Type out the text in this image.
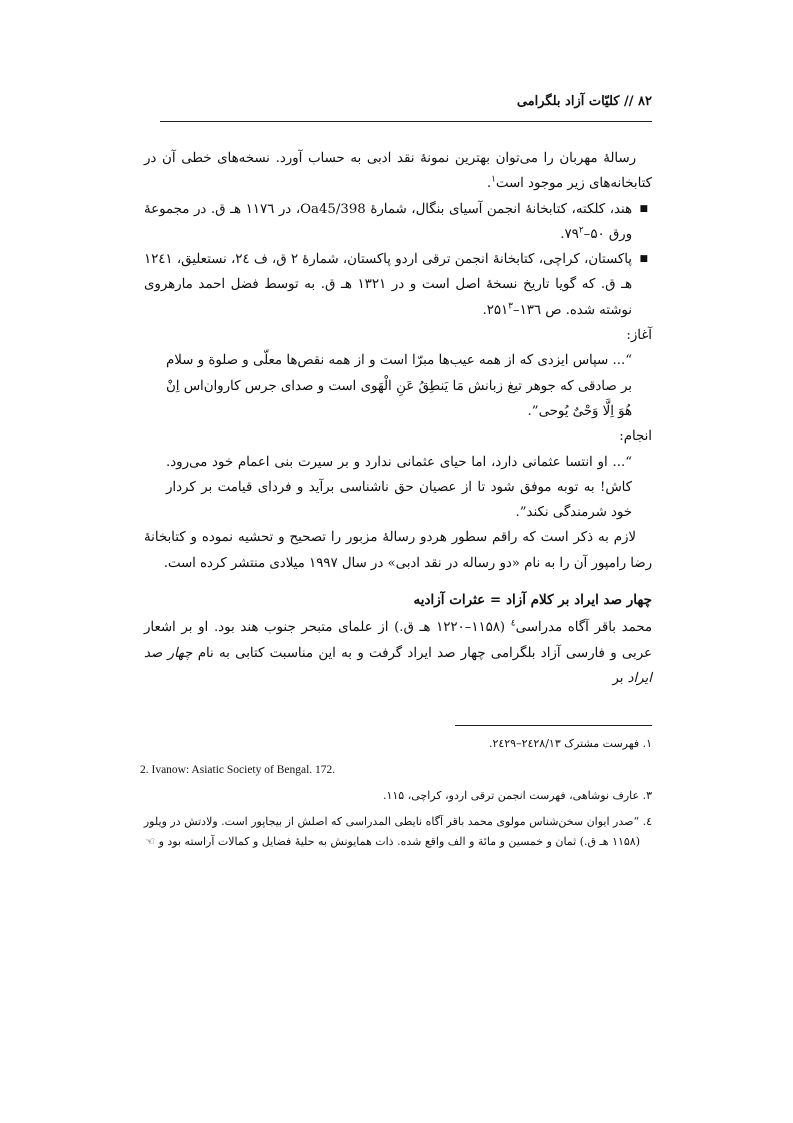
۸۲ // کلیّات آزاد بلگرامی

رسالهٔ مهربان را می‌توان بهترین نمونهٔ نقد ادبی به حساب آورد. نسخه‌های خطی آن در کتابخانه‌های زیر موجود است$^۱$.

■
هند، کلکته، کتابخانهٔ انجمن آسیای بنگال، شمارهٔ 398/Oa45، در ۱۱۷٦ هـ ق. در مجموعهٔ ورق $۵۰-۷۹^۲$.
■
پاکستان، کراچی، کتابخانهٔ انجمن ترقی اردو پاکستان، شمارهٔ ۲ ق، ف ۲٤، نستعلیق، ۱۲٤۱ هـ ق. که گویا تاریخ نسخهٔ اصل است و در ۱۳۲۱ هـ ق. به توسط فضل احمد مارهروی نوشته شده. ص $۱۳٦-۲۵۱^۳$.

آغاز:

“... سپاس ایزدی که از همه عیب‌ها مبرّا است و از همه نقص‌ها معلّی و صلوة و سلام بر صادقی که جوهر تیغ زبانش مَا یَنطِقُ عَنِ الْهَوی است و صدای جرس کاروان‌اس اِنْ هُوَ اِلَّا وَحْیٌ یُوحی”.

انجام:

“... او انتسا عثمانی دارد، اما حیای عثمانی ندارد و بر سیرت بنی اعمام خود می‌رود. کاش! به توبه موفق شود تا از عصیان حق ناشناسی برآید و فردای قیامت بر کردار خود شرمندگی نکند”.

لازم به ذکر است که راقم سطور هردو رسالهٔ مزبور را تصحیح و تحشیه نموده و کتابخانهٔ رضا رامپور آن را به نام «دو رساله در نقد ادبی» در سال ۱۹۹۷ میلادی منتشر کرده است.

چهار صد ایراد بر کلام آزاد = عثرات آزادیه

محمد باقر آگاه مدراسی$^٤$ (۱۱۵۸–۱۲۲۰ هـ ق.) از علمای متبحر جنوب هند بود. او بر اشعار عربی و فارسی آزاد بلگرامی چهار صد ایراد گرفت و به این مناسبت کتابی به نام چهار صد ایراد بر

۱. فهرست مشترک ۲٤۲۸/۱۳–۲٤۲۹.

2. Ivanow: Asiatic Society of Bengal. 172.

۳. عارف نوشاهی، فهرست انجمن ترقی اردو، کراچی، ۱۱۵.

٤. “صدر ایوان سخن‌شناس مولوی محمد باقر آگاه نایطی المدراسی که اصلش از بیجاپور است. ولادتش در ویلور

(۱۱۵۸ هـ ق.) ثمان و خمسین و مائة و الف واقع شده. ذات همایونش به حلیهٔ فضایل و کمالات آراسته بود و ☜
